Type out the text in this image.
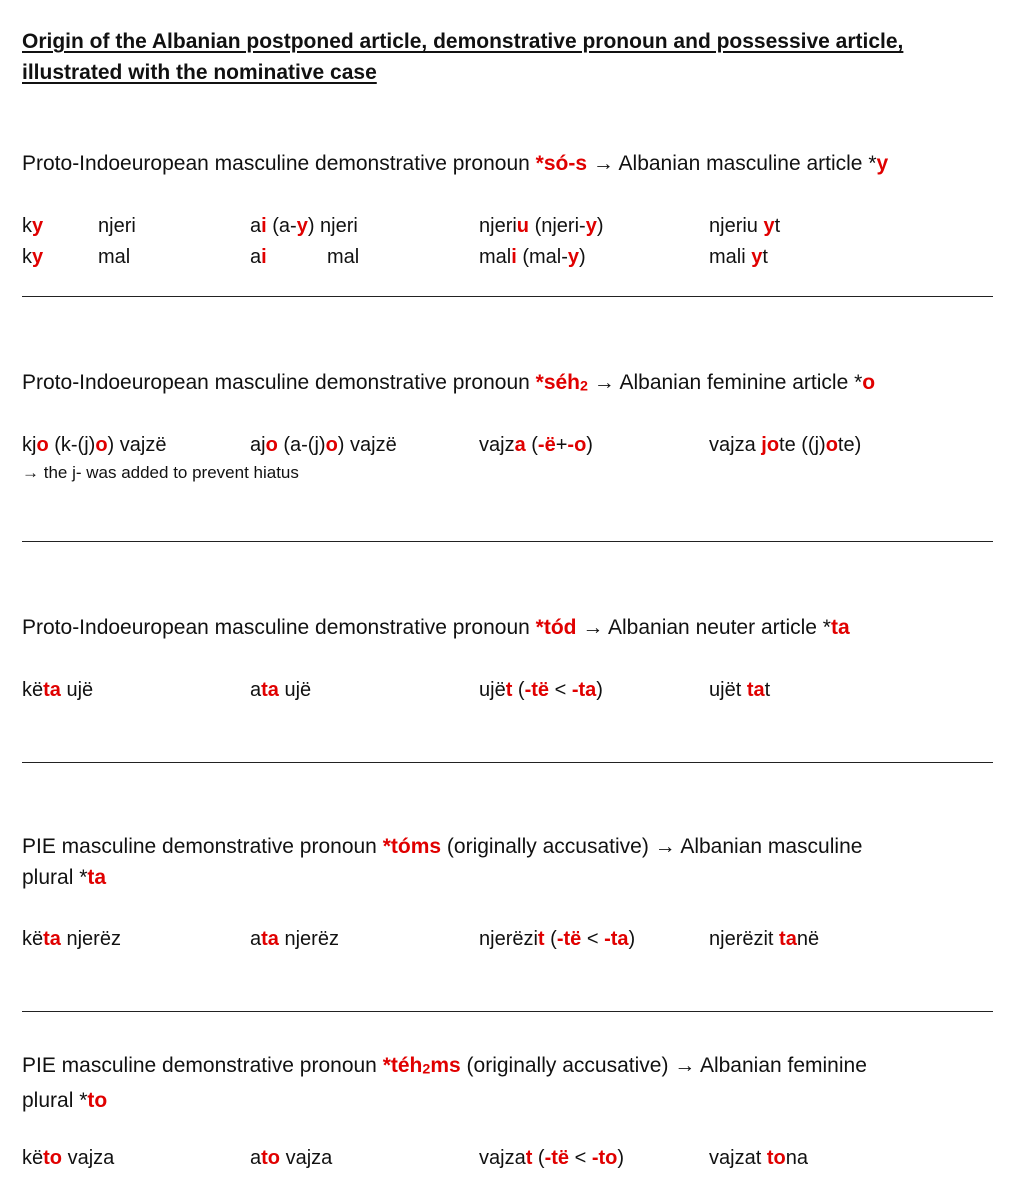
Origin of the Albanian postponed article, demonstrative pronoun and possessive article,
illustrated with the nominative case
Proto-Indoeuropean masculine demonstrative pronoun *só-s → Albanian masculine article *y
ky	njeri	ai (a-y) njeri	njeriu (njeri-y)	njeriu yt
ky	mal	ai	mal	mali (mal-y)	mali yt
Proto-Indoeuropean masculine demonstrative pronoun *séh$_2$ → Albanian feminine article *o
kjo (k-(j)o) vajzë	ajo (a-(j)o) vajzë	vajza (-ë+-o)	vajza jote ((j)ote)
→ the j- was added to prevent hiatus
Proto-Indoeuropean masculine demonstrative pronoun *tód → Albanian neuter article *ta
këta ujë	ata ujë	ujët (-të < -ta)	ujët tat
PIE masculine demonstrative pronoun *tóms (originally accusative) → Albanian masculine
plural *ta
këta njerëz	ata njerëz	njerëzit (-të < -ta)	njerëzit tanë
PIE masculine demonstrative pronoun *téh$_2$ms (originally accusative) → Albanian feminine
plural *to
këto vajza	ato vajza	vajzat (-të < -to)	vajzat tona
